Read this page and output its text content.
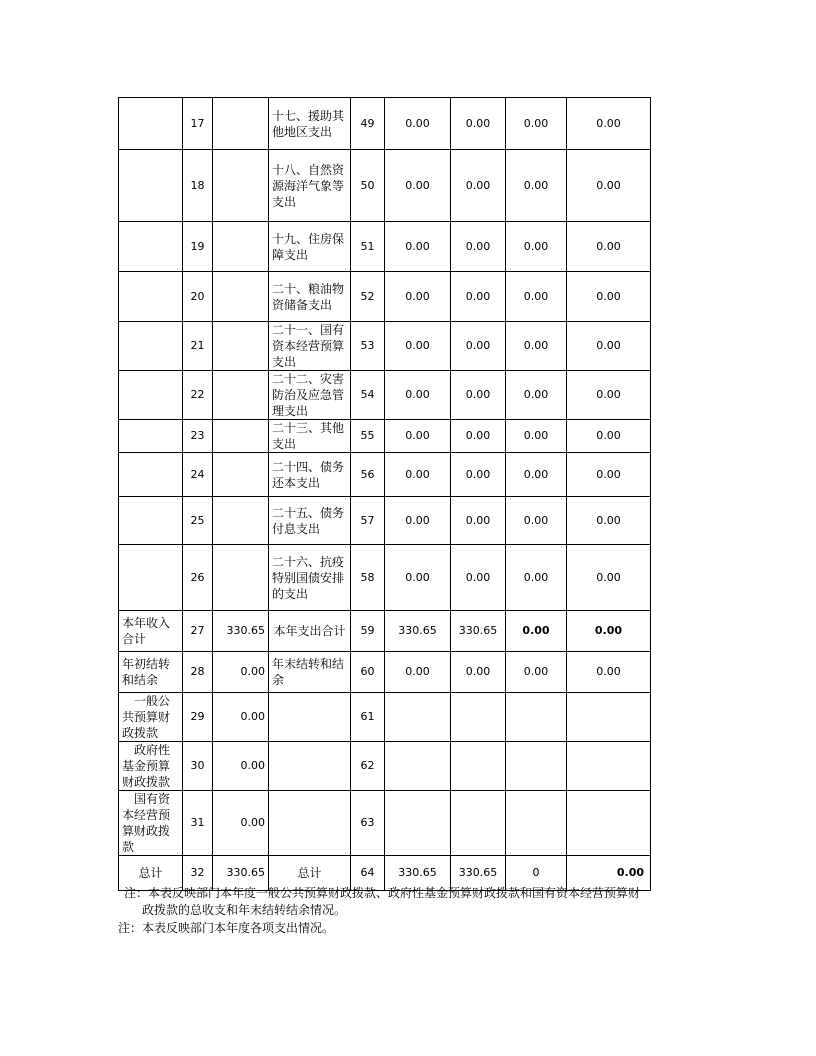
	17		十七、援助其他地区支出	49	0.00	0.00	0.00	0.00
	18		十八、自然资源海洋气象等支出	50	0.00	0.00	0.00	0.00
	19		十九、住房保障支出	51	0.00	0.00	0.00	0.00
	20		二十、粮油物资储备支出	52	0.00	0.00	0.00	0.00
	21		二十一、国有资本经营预算支出	53	0.00	0.00	0.00	0.00
	22		二十二、灾害防治及应急管理支出	54	0.00	0.00	0.00	0.00
	23		二十三、其他支出	55	0.00	0.00	0.00	0.00
	24		二十四、债务还本支出	56	0.00	0.00	0.00	0.00
	25		二十五、债务付息支出	57	0.00	0.00	0.00	0.00
	26		二十六、抗疫特别国债安排的支出	58	0.00	0.00	0.00	0.00
本年收入合计	27	330.65	本年支出合计	59	330.65	330.65	0.00	0.00
年初结转和结余	28	0.00	年末结转和结余	60	0.00	0.00	0.00	0.00

一般公共预算财政拨款	29	0.00		61				

政府性基金预算财政拨款	30	0.00		62				

国有资本经营预算财政拨款	31	0.00		63				
总计	32	330.65	总计	64	330.65	330.65	0	0.00
注：本表反映部门本年度一般公共预算财政拨款、政府性基金预算财政拨款和国有资本经营预算财
政拨款的总收支和年末结转结余情况。
注：本表反映部门本年度各项支出情况。
